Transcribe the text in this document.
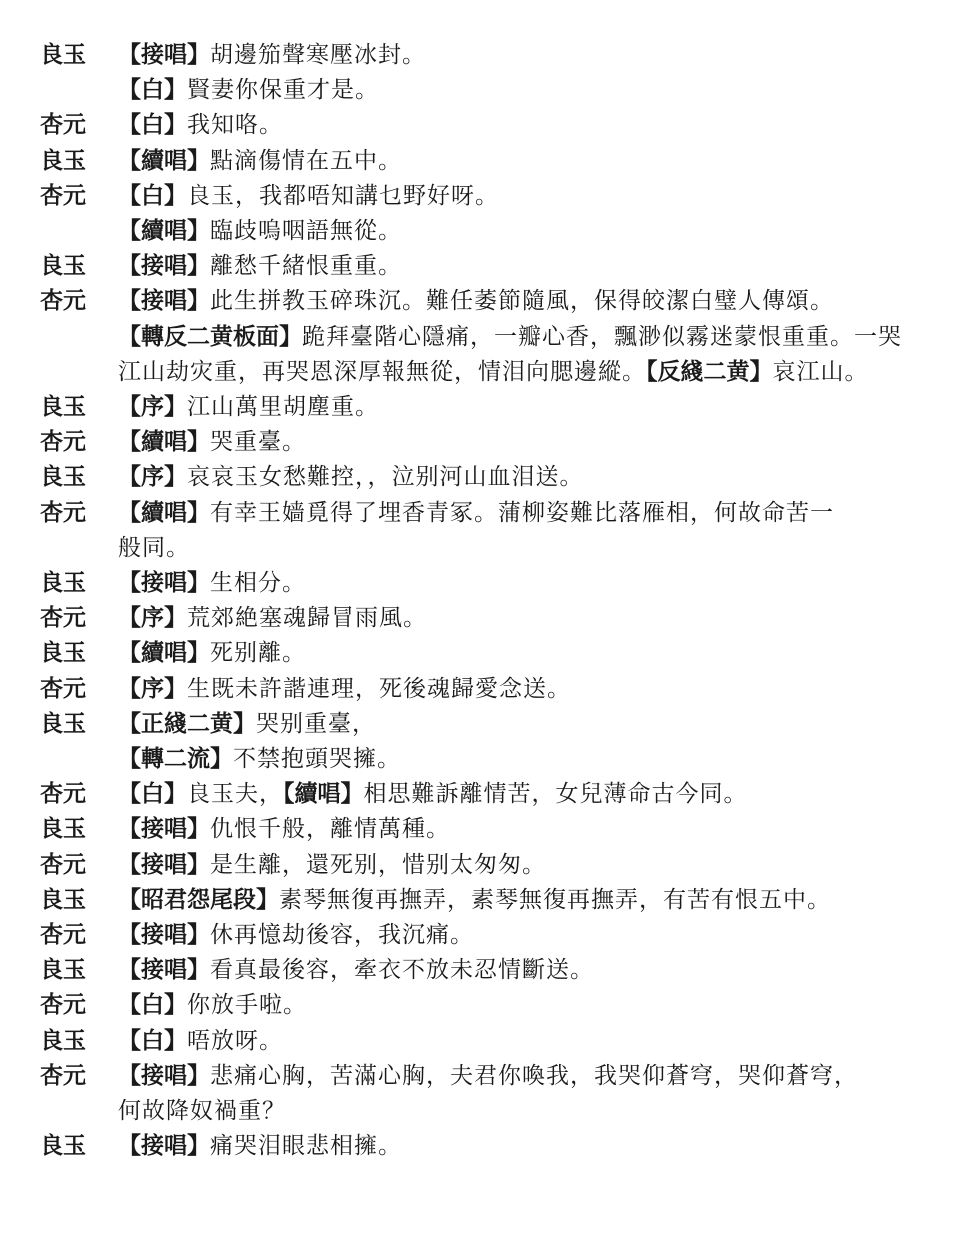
良玉	【接唱】胡邊笳聲寒壓冰封。
【白】賢妻你保重才是。
杏元	【白】我知咯。
良玉	【續唱】點滴傷情在五中。
杏元	【白】良玉，我都唔知講乜野好呀。
【續唱】臨歧嗚咽語無從。
良玉	【接唱】離愁千緒恨重重。
杏元	【接唱】此生拼教玉碎珠沉。難任萎節隨風，保得皎潔白璧人傳頌。
【轉反二黄板面】跪拜臺階心隱痛，一瓣心香，飄渺似霧迷蒙恨重重。一哭
江山劫灾重，再哭恩深厚報無從，情泪向腮邊縱。【反綫二黄】哀江山。
良玉	【序】江山萬里胡塵重。
杏元	【續唱】哭重臺。
良玉	【序】哀哀玉女愁難控，，泣别河山血泪送。
杏元	【續唱】有幸王嫱覓得了埋香青冢。蒲柳姿難比落雁相，何故命苦一
般同。
良玉	【接唱】生相分。
杏元	【序】荒郊絶塞魂歸冒雨風。
良玉	【續唱】死别離。
杏元	【序】生既未許諧連理，死後魂歸愛念送。
良玉	【正綫二黄】哭别重臺，
【轉二流】不禁抱頭哭擁。
杏元	【白】良玉夫，【續唱】相思難訴離情苦，女兒薄命古今同。
良玉	【接唱】仇恨千般，離情萬種。
杏元	【接唱】是生離，還死别，惜别太匆匆。
良玉	【昭君怨尾段】素琴無復再撫弄，素琴無復再撫弄，有苦有恨五中。
杏元	【接唱】休再憶劫後容，我沉痛。
良玉	【接唱】看真最後容，牽衣不放未忍情斷送。
杏元	【白】你放手啦。
良玉	【白】唔放呀。
杏元	【接唱】悲痛心胸，苦滿心胸，夫君你喚我，我哭仰蒼穹，哭仰蒼穹，
何故降奴禍重？
良玉	【接唱】痛哭泪眼悲相擁。
